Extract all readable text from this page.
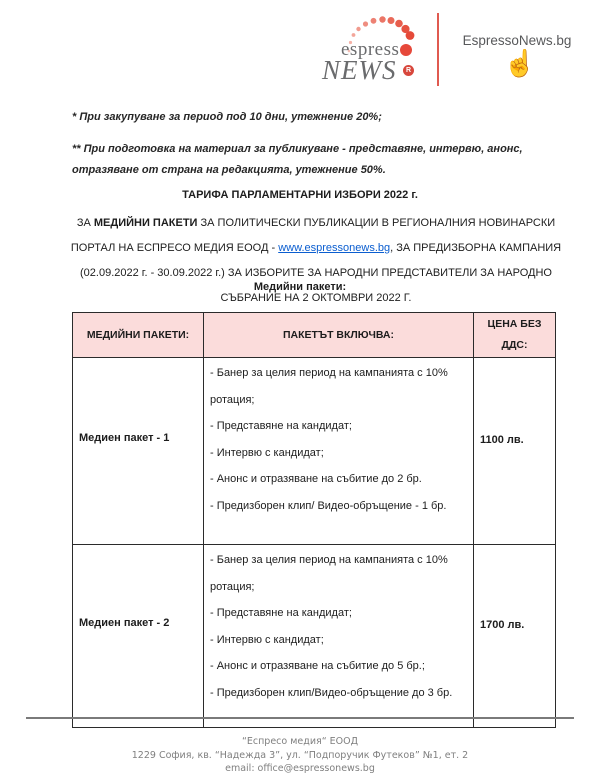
espress
NEWS	R
EspressoNews.bg
☝

* При закупуване за период под 10 дни, утежнение 20%;

** При подготовка на материал за публикуване - представяне, интервю, анонс, отразяване от страна на редакцията, утежнение 50%.

ТАРИФА ПАРЛАМЕНТАРНИ ИЗБОРИ 2022 г.

ЗА МЕДИЙНИ ПАКЕТИ ЗА ПОЛИТИЧЕСКИ ПУБЛИКАЦИИ В РЕГИОНАЛНИЯ НОВИНАРСКИ ПОРТАЛ НА ЕСПРЕСО МЕДИЯ ЕООД - www.espressonews.bg, ЗА ПРЕДИЗБОРНА КАМПАНИЯ (02.09.2022 г. - 30.09.2022 г.) ЗА ИЗБОРИТЕ ЗА НАРОДНИ ПРЕДСТАВИТЕЛИ ЗА НАРОДНО СЪБРАНИЕ НА 2 ОКТОМВРИ 2022 Г.

Медийни пакети:

МЕДИЙНИ ПАКЕТИ:	ПАКЕТЪТ ВКЛЮЧВА:	ЦЕНА БЕЗ ДДС:
Медиен пакет - 1	- Банер за целия период на кампанията с 10% ротация;

- Представяне на кандидат;

- Интервю с кандидат;

- Анонс и отразяване на събитие до 2 бр.

- Предизборен клип/ Видео-обръщение - 1 бр.	1100 лв.
Медиен пакет - 2	- Банер за целия период на кампанията с 10% ротация;

- Представяне на кандидат;

- Интервю с кандидат;

- Анонс и отразяване на събитие до 5 бр.;

- Предизборен клип/Видео-обръщение до 3 бр.	1700 лв.

“Еспресо медия“ ЕООД

1229 София, кв. “Надежда 3”, ул. “Подпоручик Футеков” №1, ет. 2

email: office@espressonews.bg
